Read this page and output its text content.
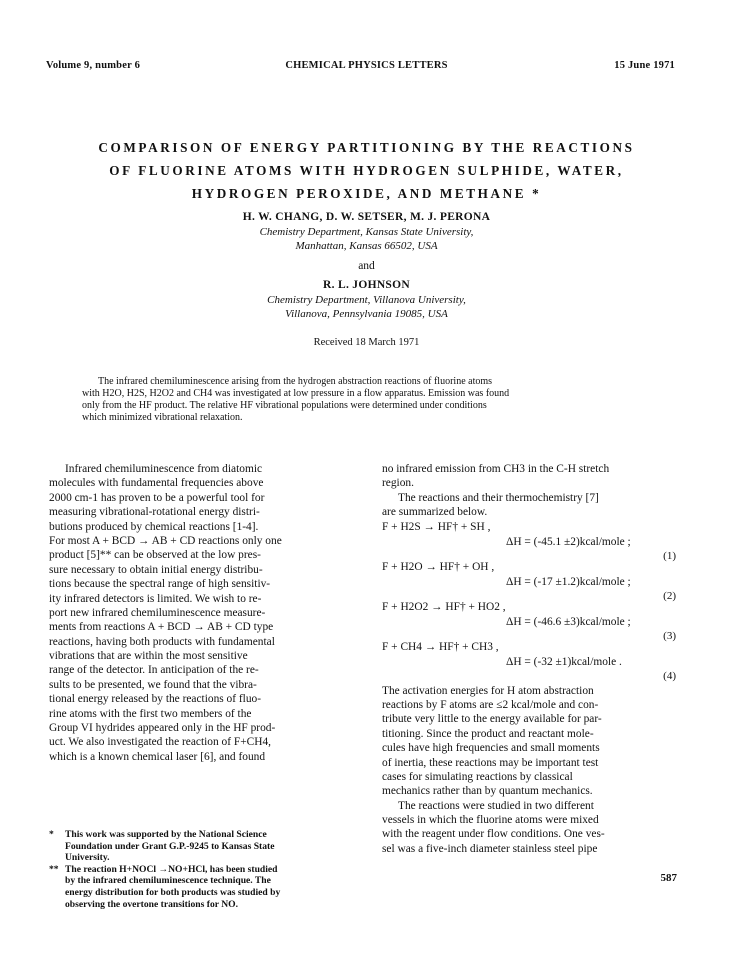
Volume 9, number 6	CHEMICAL PHYSICS LETTERS	15 June 1971
COMPARISON OF ENERGY PARTITIONING BY THE REACTIONS
OF FLUORINE ATOMS WITH HYDROGEN SULPHIDE, WATER,
HYDROGEN PEROXIDE, AND METHANE *
H. W. CHANG, D. W. SETSER, M. J. PERONA
Chemistry Department, Kansas State University,
Manhattan, Kansas 66502, USA
and
R. L. JOHNSON
Chemistry Department, Villanova University,
Villanova, Pennsylvania 19085, USA
Received 18 March 1971
The infrared chemiluminescence arising from the hydrogen abstraction reactions of fluorine atoms
with H2O, H2S, H2O2 and CH4 was investigated at low pressure in a flow apparatus. Emission was found
only from the HF product. The relative HF vibrational populations were determined under conditions
which minimized vibrational relaxation.
Infrared chemiluminescence from diatomic
molecules with fundamental frequencies above
2000 cm-1 has proven to be a powerful tool for
measuring vibrational-rotational energy distri-
butions produced by chemical reactions [1-4].
For most A + BCD → AB + CD reactions only one
product [5]** can be observed at the low pres-
sure necessary to obtain initial energy distribu-
tions because the spectral range of high sensitiv-
ity infrared detectors is limited. We wish to re-
port new infrared chemiluminescence measure-
ments from reactions A + BCD → AB + CD type
reactions, having both products with fundamental
vibrations that are within the most sensitive
range of the detector. In anticipation of the re-
sults to be presented, we found that the vibra-
tional energy released by the reactions of fluo-
rine atoms with the first two members of the
Group VI hydrides appeared only in the HF prod-
uct. We also investigated the reaction of F+CH4,
which is a known chemical laser [6], and found
*	This work was supported by the National Science
Foundation under Grant G.P.-9245 to Kansas State
University.
** The reaction H+NOCl →NO+HCl, has been studied
by the infrared chemiluminescence technique. The
energy distribution for both products was studied by
observing the overtone transitions for NO.
no infrared emission from CH3 in the C-H stretch
region.
The reactions and their thermochemistry [7]
are summarized below.
F + H2S → HF† + SH ,
ΔH = (-45.1 ±2)kcal/mole ;
(1)
F + H2O → HF† + OH ,
ΔH = (-17 ±1.2)kcal/mole ;
(2)
F + H2O2 → HF† + HO2 ,
ΔH = (-46.6 ±3)kcal/mole ;
(3)
F + CH4 → HF† + CH3 ,
ΔH = (-32 ±1)kcal/mole .
(4)
The activation energies for H atom abstraction
reactions by F atoms are ≤2 kcal/mole and con-
tribute very little to the energy available for par-
titioning. Since the product and reactant mole-
cules have high frequencies and small moments
of inertia, these reactions may be important test
cases for simulating reactions by classical
mechanics rather than by quantum mechanics.
The reactions were studied in two different
vessels in which the fluorine atoms were mixed
with the reagent under flow conditions. One ves-
sel was a five-inch diameter stainless steel pipe
587
